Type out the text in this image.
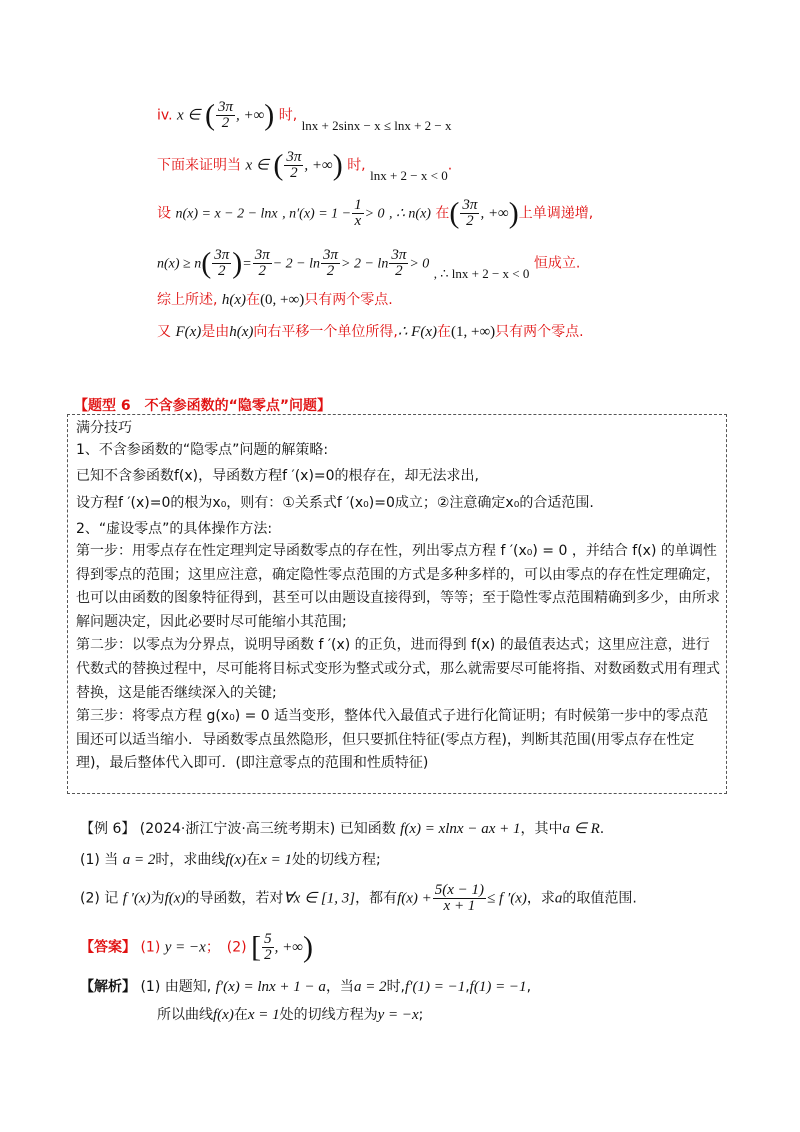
iv. x ∈ ( $\frac{3\pi}{2}$ , +∞) 时, lnx + 2sinx − x ≤ lnx + 2 − x
下面来证明当 x ∈ ( $\frac{3\pi}{2}$ , +∞) 时, lnx + 2 − x < 0.
设 n(x) = x − 2 − lnx , $n'(x) = 1 - \frac{1}{x} > 0$ , ∴ n(x) 在( $\frac{3\pi}{2}$ , +∞)上单调递增,
$n(x) \ge n( \frac{3\pi}{2}$ )= $\frac{3\pi}{2} - 2 - \ln \frac{3\pi}{2} > 2 - \ln \frac{3\pi}{2} > 0$ , ∴ lnx + 2 − x < 0 恒成立.
综上所述, h(x)在(0, +∞)只有两个零点.
又 F(x)是由h(x)向右平移一个单位所得,∴ F(x)在(1, +∞)只有两个零点.
【题型 6　不含参函数的“隐零点”问题】

满分技巧

1、不含参函数的“隐零点”问题的解策略:

已知不含参函数f(x)，导函数方程f ′(x)=0的根存在，却无法求出,

设方程f ′(x)=0的根为x₀，则有：①关系式f ′(x₀)=0成立；②注意确定x₀的合适范围.

2、“虚设零点”的具体操作方法:

第一步：用零点存在性定理判定导函数零点的存在性，列出零点方程 f ′(x₀) = 0 ，并结合 f(x) 的单调性得到零点的范围；这里应注意，确定隐性零点范围的方式是多种多样的，可以由零点的存在性定理确定，也可以由函数的图象特征得到，甚至可以由题设直接得到，等等；至于隐性零点范围精确到多少，由所求解问题决定，因此必要时尽可能缩小其范围;

第二步：以零点为分界点，说明导函数 f ′(x) 的正负，进而得到 f(x) 的最值表达式；这里应注意，进行代数式的替换过程中，尽可能将目标式变形为整式或分式，那么就需要尽可能将指、对数函数式用有理式替换，这是能否继续深入的关键;

第三步：将零点方程 g(x₀) = 0 适当变形，整体代入最值式子进行化简证明；有时候第一步中的零点范围还可以适当缩小．导函数零点虽然隐形，但只要抓住特征(零点方程)，判断其范围(用零点存在性定理)，最后整体代入即可．(即注意零点的范围和性质特征)

【例 6】 (2024·浙江宁波·高三统考期末) 已知函数 f(x) = xlnx − ax + 1，其中a ∈ R.
(1) 当 a = 2时，求曲线f(x)在x = 1处的切线方程;
(2) 记 f ′(x)为f(x)的导函数，若对∀x ∈ [1, 3]，都有$f(x) + \frac{5(x - 1)}{x + 1} \le f$ ′(x)，求a的取值范围.
【答案】 (1) y = −x；　(2) [ $\frac{5}{2}$ , +∞)
【解析】 (1) 由题知, f′(x) = lnx + 1 − a，当a = 2时,f′(1) = −1,f(1) = −1,
所以曲线f(x)在x = 1处的切线方程为y = −x;
